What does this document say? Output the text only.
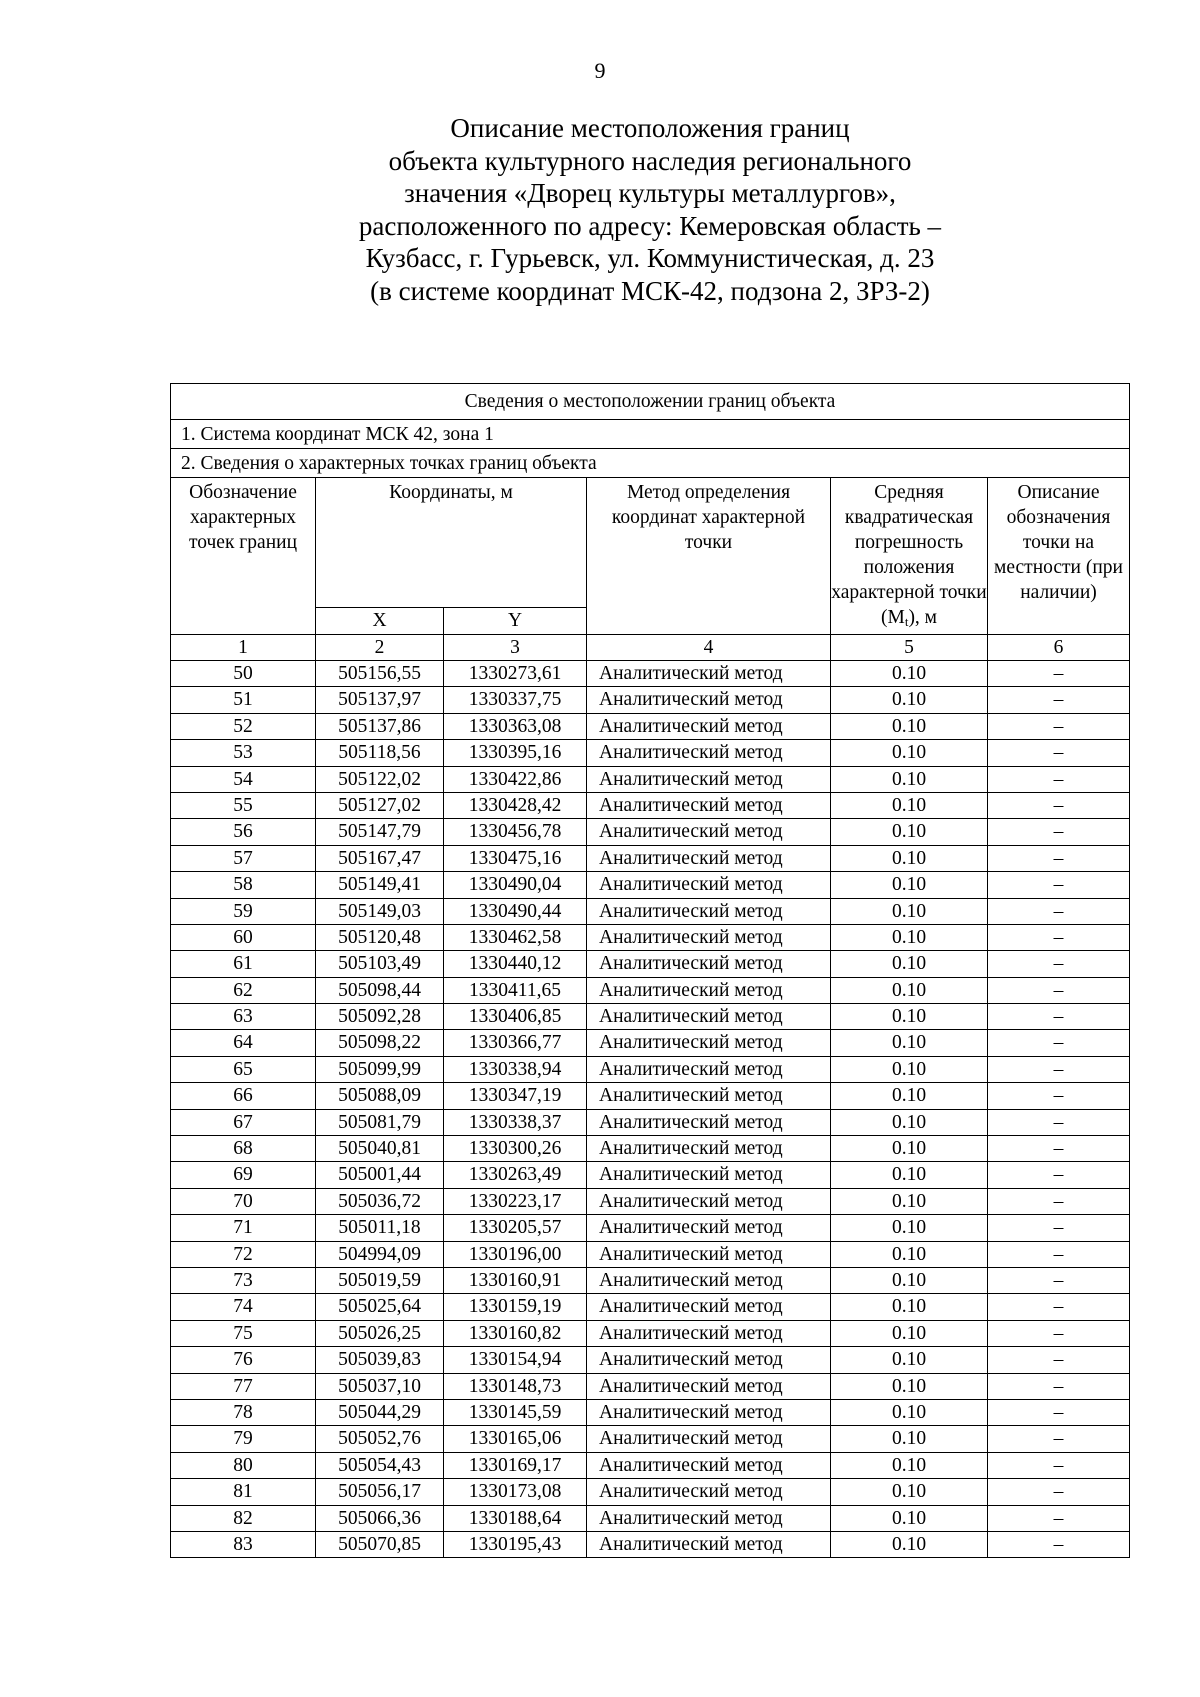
9
Описание местоположения границ
объекта культурного наследия регионального
значения «Дворец культуры металлургов»,
расположенного по адресу: Кемеровская область –
Кузбасс, г. Гурьевск, ул. Коммунистическая, д. 23
(в системе координат МСК-42, подзона 2, ЗРЗ-2)
Сведения о местоположении границ объекта					
1. Система координат МСК 42, зона 1					
2. Сведения о характерных точках границ объекта					
Обозначение характерных точек границ	Координаты, м		Метод определения координат характерной точки	Средняя квадратическая погрешность положения характерной точки $(M_t)$, м	Описание обозначения точки на местности (при наличии)
	X	Y			
1	2	3	4	5	6
50	505156,55	1330273,61	Аналитический метод	0.10	–
51	505137,97	1330337,75	Аналитический метод	0.10	–
52	505137,86	1330363,08	Аналитический метод	0.10	–
53	505118,56	1330395,16	Аналитический метод	0.10	–
54	505122,02	1330422,86	Аналитический метод	0.10	–
55	505127,02	1330428,42	Аналитический метод	0.10	–
56	505147,79	1330456,78	Аналитический метод	0.10	–
57	505167,47	1330475,16	Аналитический метод	0.10	–
58	505149,41	1330490,04	Аналитический метод	0.10	–
59	505149,03	1330490,44	Аналитический метод	0.10	–
60	505120,48	1330462,58	Аналитический метод	0.10	–
61	505103,49	1330440,12	Аналитический метод	0.10	–
62	505098,44	1330411,65	Аналитический метод	0.10	–
63	505092,28	1330406,85	Аналитический метод	0.10	–
64	505098,22	1330366,77	Аналитический метод	0.10	–
65	505099,99	1330338,94	Аналитический метод	0.10	–
66	505088,09	1330347,19	Аналитический метод	0.10	–
67	505081,79	1330338,37	Аналитический метод	0.10	–
68	505040,81	1330300,26	Аналитический метод	0.10	–
69	505001,44	1330263,49	Аналитический метод	0.10	–
70	505036,72	1330223,17	Аналитический метод	0.10	–
71	505011,18	1330205,57	Аналитический метод	0.10	–
72	504994,09	1330196,00	Аналитический метод	0.10	–
73	505019,59	1330160,91	Аналитический метод	0.10	–
74	505025,64	1330159,19	Аналитический метод	0.10	–
75	505026,25	1330160,82	Аналитический метод	0.10	–
76	505039,83	1330154,94	Аналитический метод	0.10	–
77	505037,10	1330148,73	Аналитический метод	0.10	–
78	505044,29	1330145,59	Аналитический метод	0.10	–
79	505052,76	1330165,06	Аналитический метод	0.10	–
80	505054,43	1330169,17	Аналитический метод	0.10	–
81	505056,17	1330173,08	Аналитический метод	0.10	–
82	505066,36	1330188,64	Аналитический метод	0.10	–
83	505070,85	1330195,43	Аналитический метод	0.10	–
